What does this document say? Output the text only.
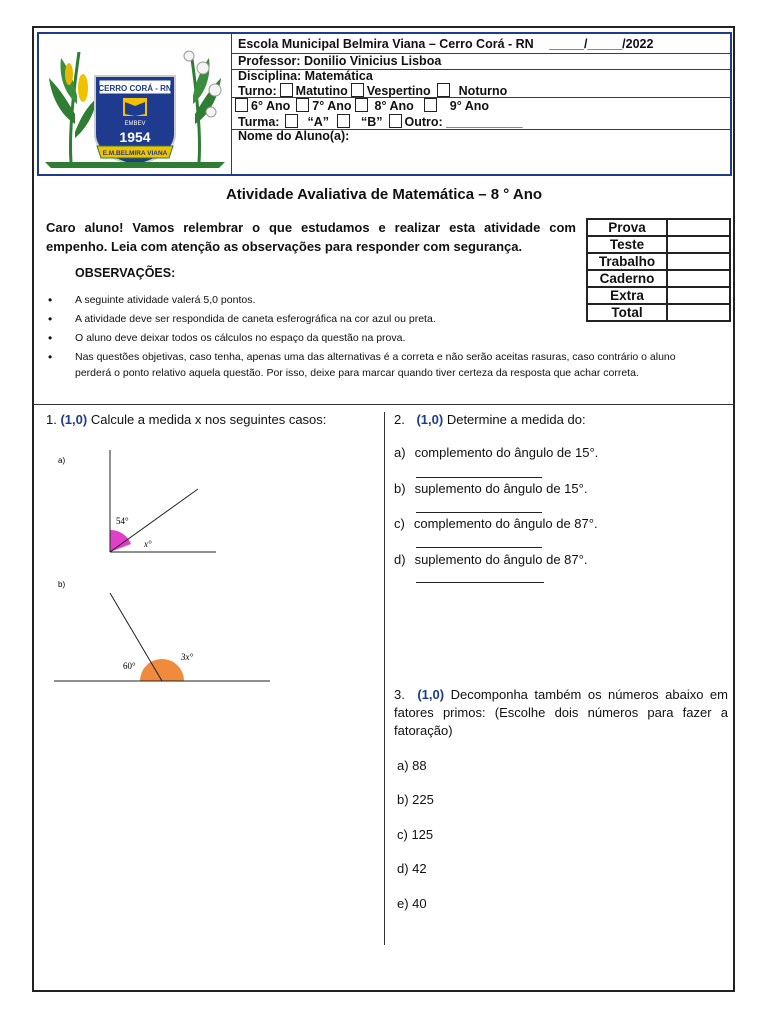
CERRO CORÁ - RN
EMBEV
1954
E.M.BELMIRA VIANA
Escola Municipal Belmira Viana – Cerro Corá - RN _____/_____/2022
Professor: Donilio Vinicius Lisboa
Disciplina: Matemática
Turno: Matutino Vespertino Noturno
6° Ano 7° Ano 8° Ano	9° Ano
Turma: “A”	“B” Outro: ___________
Nome do Aluno(a):
Atividade Avaliativa de Matemática – 8 ° Ano
Caro aluno! Vamos relembrar o que estudamos e realizar esta atividade com empenho. Leia com atenção as observações para responder com segurança.
Prova	
Teste	
Trabalho	
Caderno	
Extra	
Total	
OBSERVAÇÕES:
• A seguinte atividade valerá 5,0 pontos.
• A atividade deve ser respondida de caneta esferográfica na cor azul ou preta.
• O aluno deve deixar todos os cálculos no espaço da questão na prova.
• Nas questões objetivas, caso tenha, apenas uma das alternativas é a correta e não serão aceitas rasuras, caso contrário o aluno perderá o ponto relativo aquela questão. Por isso, deixe para marcar quando tiver certeza da resposta que achar correta.
1. (1,0) Calcule a medida x nos seguintes casos:
a)
54°
x°
b)
60°
3x°
2. (1,0) Determine a medida do:
a) complemento do ângulo de 15°.
b) suplemento do ângulo de 15°.
c) complemento do ângulo de 87°.
d) suplemento do ângulo de 87°.
3. (1,0) Decomponha também os números abaixo em fatores primos: (Escolhe dois números para fazer a fatoração)
a) 88
b) 225
c) 125
d) 42
e) 40
